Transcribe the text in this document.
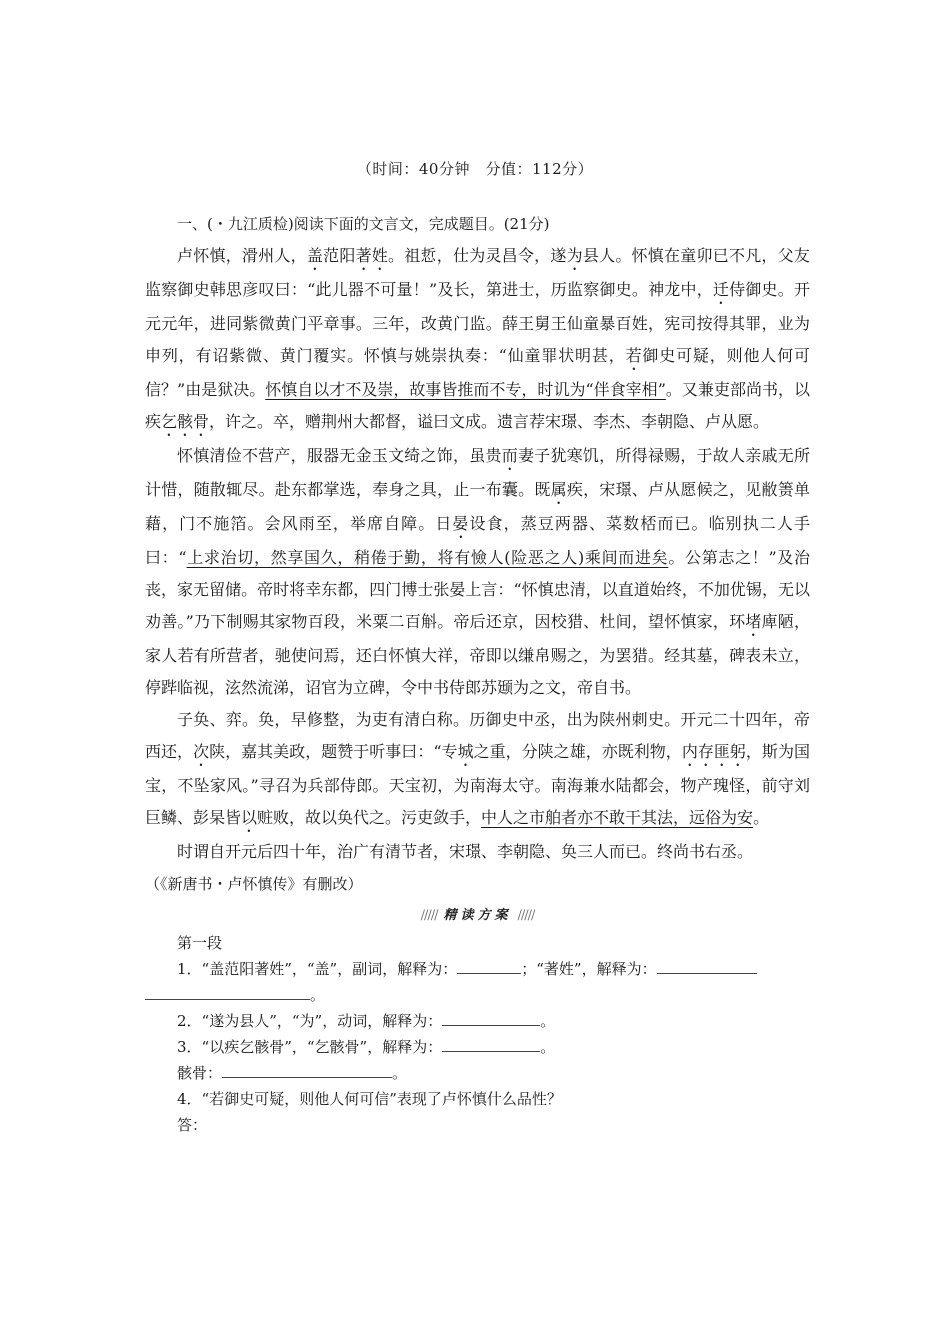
（时间：40分钟　分值：112分）

一、(・九江质检)阅读下面的文言文，完成题目。(21分)

卢怀慎，滑州人，盖范阳著姓。祖悊，仕为灵昌令，遂为县人。怀慎在童卯已不凡，父友监察御史韩思彦叹曰：“此儿器不可量！”及长，第进士，历监察御史。神龙中，迁侍御史。开元元年，进同紫微黄门平章事。三年，改黄门监。薛王舅王仙童暴百姓，宪司按得其罪，业为申列，有诏紫微、黄门覆实。怀慎与姚崇执奏：“仙童罪状明甚，若御史可疑，则他人何可信？”由是狱决。怀慎自以才不及崇，故事皆推而不专，时讥为“伴食宰相”。又兼吏部尚书，以疾乞骸骨，许之。卒，赠荆州大都督，谥曰文成。遗言荐宋璟、李杰、李朝隐、卢从愿。

怀慎清俭不营产，服器无金玉文绮之饰，虽贵而妻子犹寒饥，所得禄赐，于故人亲戚无所计惜，随散辄尽。赴东都掌选，奉身之具，止一布囊。既属疾，宋璟、卢从愿候之，见敝箦单藉，门不施箔。会风雨至，举席自障。日晏设食，蒸豆两器、菜数桮而已。临别执二人手曰：“上求治切，然享国久，稍倦于勤，将有憸人(险恶之人)乘间而进矣。公第志之！”及治丧，家无留储。帝时将幸东都，四门博士张晏上言：“怀慎忠清，以直道始终，不加优锡，无以劝善。”乃下制赐其家物百段，米粟二百斛。帝后还京，因校猎、杜间，望怀慎家，环堵庳陋，家人若有所营者，驰使问焉，还白怀慎大祥，帝即以缣帛赐之，为罢猎。经其墓，碑表未立，停跸临视，泫然流涕，诏官为立碑，令中书侍郎苏颋为之文，帝自书。

子奂、弈。奂，早修整，为吏有清白称。历御史中丞，出为陕州刺史。开元二十四年，帝西还，次陕，嘉其美政，题赞于听事曰：“专城之重，分陕之雄，亦既利物，内存匪躬，斯为国宝，不坠家风。”寻召为兵部侍郎。天宝初，为南海太守。南海兼水陆都会，物产瑰怪，前守刘巨鳞、彭杲皆以赃败，故以奂代之。污吏敛手，中人之市舶者亦不敢干其法，远俗为安。

时谓自开元后四十年，治广有清节者，宋璟、李朝隐、奂三人而已。终尚书右丞。

（《新唐书・卢怀慎传》有删改）

///// 精读方案 /////

第一段

1．“盖范阳著姓”，“盖”，副词，解释为：	；“著姓”，解释为：
。

2．“遂为县人”，“为”，动词，解释为：	。

3．“以疾乞骸骨”，“乞骸骨”，解释为：	。

骸骨：	。

4．“若御史可疑，则他人何可信”表现了卢怀慎什么品性？

答：
